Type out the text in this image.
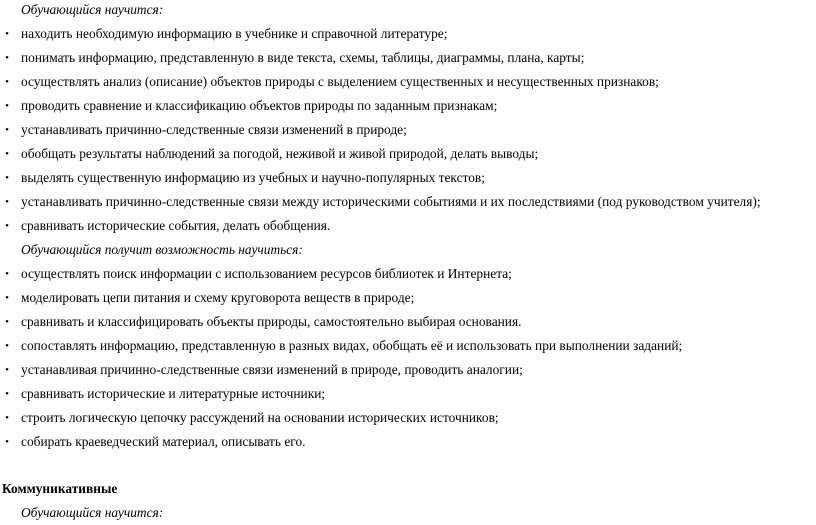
Обучающийся научится:
• находить необходимую информацию в учебнике и справочной литературе;
• понимать информацию, представленную в виде текста, схемы, таблицы, диаграммы, плана, карты;
• осуществлять анализ (описание) объектов природы с выделением существенных и несущественных признаков;
• проводить сравнение и классификацию объектов природы по заданным признакам;
• устанавливать причинно-следственные связи изменений в природе;
• обобщать результаты наблюдений за погодой, неживой и живой природой, делать выводы;
• выделять существенную информацию из учебных и научно-популярных текстов;
• устанавливать причинно-следственные связи между историческими событиями и их последствиями (под руководством учителя);
• сравнивать исторические события, делать обобщения.
Обучающийся получит возможность научиться:
• осуществлять поиск информации с использованием ресурсов библиотек и Интернета;
• моделировать цепи питания и схему круговорота веществ в природе;
• сравнивать и классифицировать объекты природы, самостоятельно выбирая основания.
• сопоставлять информацию, представленную в разных видах, обобщать её и использовать при выполнении заданий;
• устанавливая причинно-следственные связи изменений в природе, проводить аналогии;
• сравнивать исторические и литературные источники;
• строить логическую цепочку рассуждений на основании исторических источников;
• собирать краеведческий материал, описывать его.
Коммуникативные
Обучающийся научится:
